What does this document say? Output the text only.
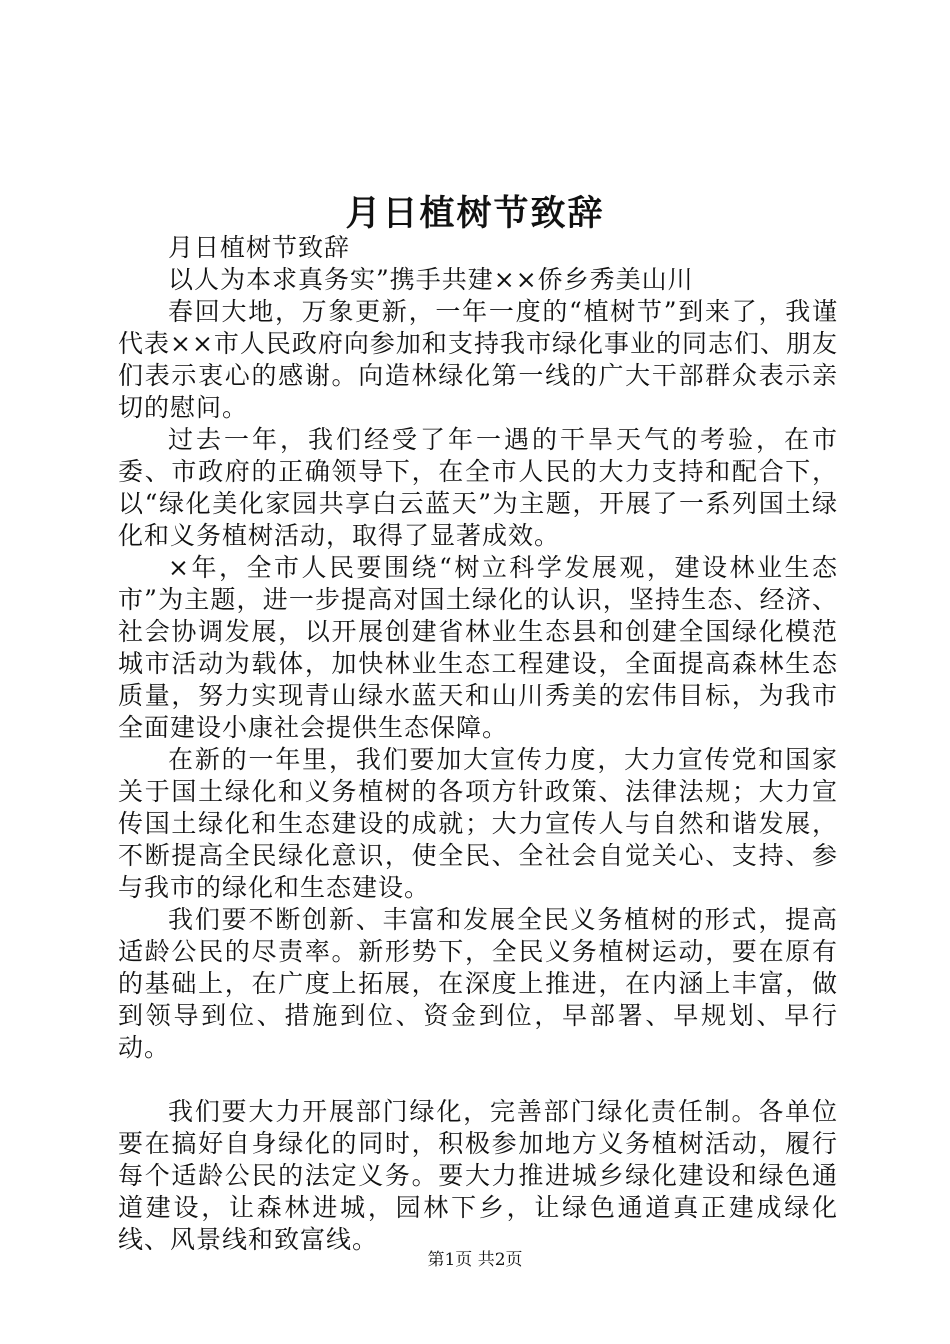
月日植树节致辞

月日植树节致辞

以人为本求真务实”携手共建××侨乡秀美山川

春回大地，万象更新，一年一度的“植树节”到来了，我谨代表××市人民政府向参加和支持我市绿化事业的同志们、朋友们表示衷心的感谢。向造林绿化第一线的广大干部群众表示亲切的慰问。

过去一年，我们经受了年一遇的干旱天气的考验，在市委、市政府的正确领导下，在全市人民的大力支持和配合下，以“绿化美化家园共享白云蓝天”为主题，开展了一系列国土绿化和义务植树活动，取得了显著成效。

×年，全市人民要围绕“树立科学发展观，建设林业生态市”为主题，进一步提高对国土绿化的认识，坚持生态、经济、社会协调发展，以开展创建省林业生态县和创建全国绿化模范城市活动为载体，加快林业生态工程建设，全面提高森林生态质量，努力实现青山绿水蓝天和山川秀美的宏伟目标，为我市全面建设小康社会提供生态保障。

在新的一年里，我们要加大宣传力度，大力宣传党和国家关于国土绿化和义务植树的各项方针政策、法律法规；大力宣传国土绿化和生态建设的成就；大力宣传人与自然和谐发展，不断提高全民绿化意识，使全民、全社会自觉关心、支持、参与我市的绿化和生态建设。

我们要不断创新、丰富和发展全民义务植树的形式，提高适龄公民的尽责率。新形势下，全民义务植树运动，要在原有的基础上，在广度上拓展，在深度上推进，在内涵上丰富，做到领导到位、措施到位、资金到位，早部署、早规划、早行动。

我们要大力开展部门绿化，完善部门绿化责任制。各单位要在搞好自身绿化的同时，积极参加地方义务植树活动，履行每个适龄公民的法定义务。要大力推进城乡绿化建设和绿色通道建设，让森林进城，园林下乡，让绿色通道真正建成绿化线、风景线和致富线。

第1页 共2页
